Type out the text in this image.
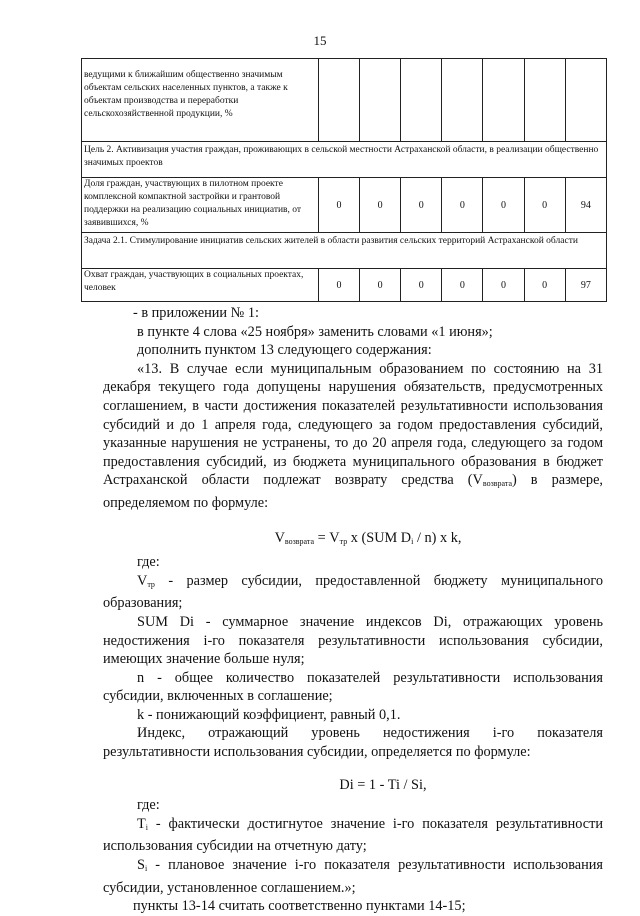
15
ведущими к ближайшим общественно значимым объектам сельских населенных пунктов, а также к объектам производства и переработки сельскохозяйственной продукции, %							
Цель 2. Активизация участия граждан, проживающих в сельской местности Астраханской области, в реализации общественно значимых проектов							
Доля граждан, участвующих в пилотном проекте комплексной компактной застройки и грантовой поддержки на реализацию социальных инициатив, от заявившихся, %	0	0	0	0	0	0	94
Задача 2.1. Стимулирование инициатив сельских жителей в области развития сельских территорий Астраханской области							
Охват граждан, участвующих в социальных проектах, человек	0	0	0	0	0	0	97

- в приложении № 1:

в пункте 4 слова «25 ноября» заменить словами «1 июня»;

дополнить пунктом 13 следующего содержания:

«13. В случае если муниципальным образованием по состоянию на 31 декабря текущего года допущены нарушения обязательств, предусмотренных соглашением, в части достижения показателей результативности использования субсидий и до 1 апреля года, следующего за годом предоставления субсидий, указанные нарушения не устранены, то до 20 апреля года, следующего за годом предоставления субсидий, из бюджета муниципального образования в бюджет Астраханской области подлежат возврату средства $(V_{возврата})$ в размере, определяемом по формуле:

$V_{возврата} = V_{тр}$ x (SUM $D_i / n$) x k,

где:

$V_{тр}$ - размер субсидии, предоставленной бюджету муниципального образования;

SUM Di - суммарное значение индексов Di, отражающих уровень недостижения i-го показателя результативности использования субсидии, имеющих значение больше нуля;

n - общее количество показателей результативности использования субсидии, включенных в соглашение;

k - понижающий коэффициент, равный 0,1.

Индекс, отражающий уровень недостижения i-го показателя результативности использования субсидии, определяется по формуле:

Di = 1 - Ti / Si,

где:

$T_i$ - фактически достигнутое значение i-го показателя результативности использования субсидии на отчетную дату;

$S_i$ - плановое значение i-го показателя результативности использования субсидии, установленное соглашением.»;

пункты 13-14 считать соответственно пунктами 14-15;
